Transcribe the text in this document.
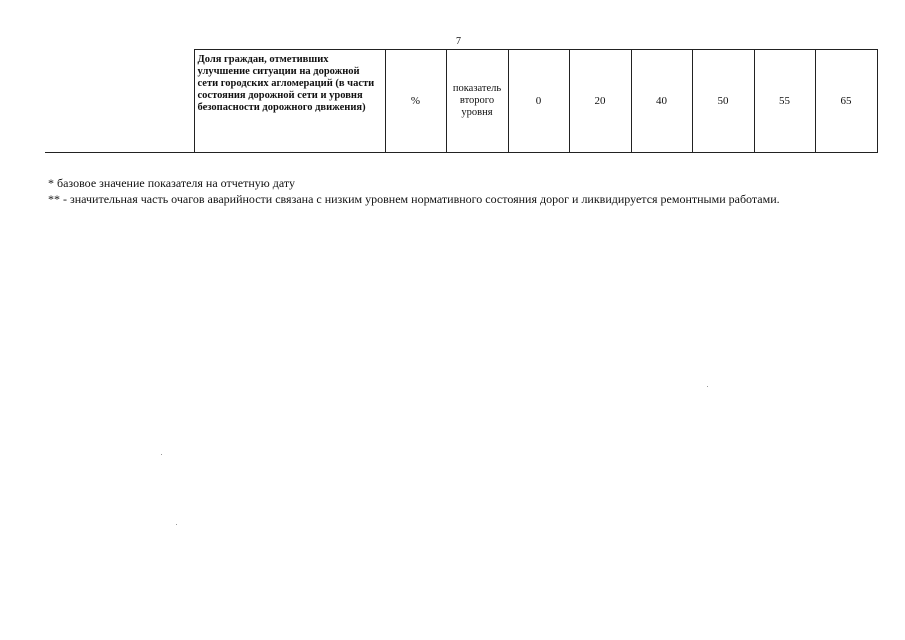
7
	Доля граждан, отметивших улучшение ситуации на дорожной сети городских агломераций (в части состояния дорожной сети и уровня безопасности дорожного движения)	%	показатель второго уровня	0	20	40	50	55	65

* базовое значение показателя на отчетную дату

** - значительная часть очагов аварийности связана с низким уровнем нормативного состояния дорог и ликвидируется ремонтными работами.
